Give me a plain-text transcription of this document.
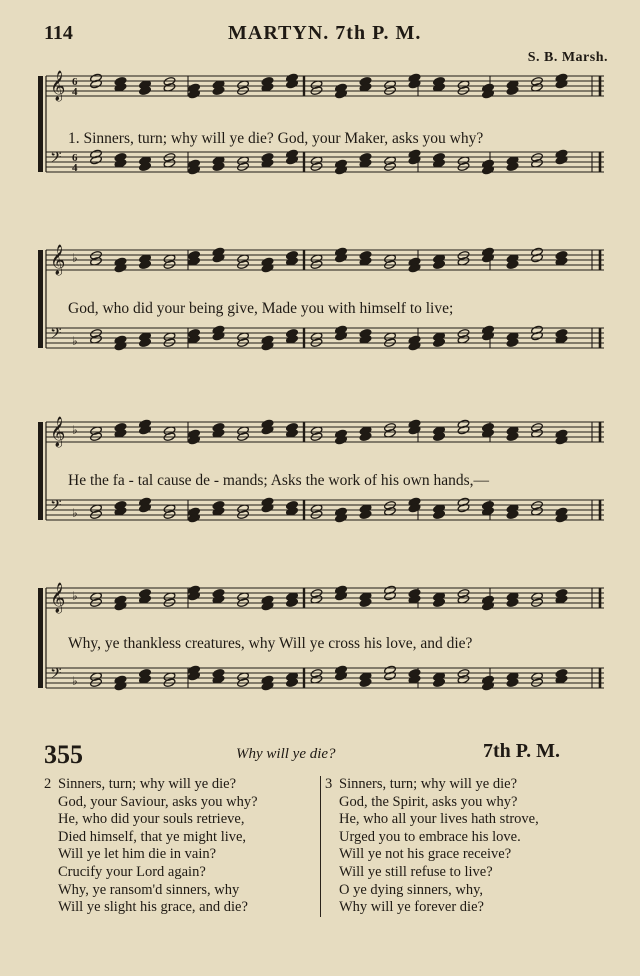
114	MARTYN. 7th P. M.
S. B. Marsh.
𝄞 6
4
𝄢 6
4
1. Sinners, turn; why will ye die? God, your Maker, asks you why?
𝄞 ♭
𝄢 ♭
God, who did your being give, Made you with himself to live;
𝄞 ♭
𝄢 ♭
He the fa - tal cause de - mands; Asks the work of his own hands,—
𝄞 ♭
𝄢 ♭
Why, ye thankless creatures, why Will ye cross his love, and die?
355	Why will ye die?	7th P. M.
2 Sinners, turn; why will ye die?
God, your Saviour, asks you why?
He, who did your souls retrieve,
Died himself, that ye might live,
Will ye let him die in vain?
Crucify your Lord again?
Why, ye ransom'd sinners, why
Will ye slight his grace, and die?
3 Sinners, turn; why will ye die?
God, the Spirit, asks you why?
He, who all your lives hath strove,
Urged you to embrace his love.
Will ye not his grace receive?
Will ye still refuse to live?
O ye dying sinners, why,
Why will ye forever die?
